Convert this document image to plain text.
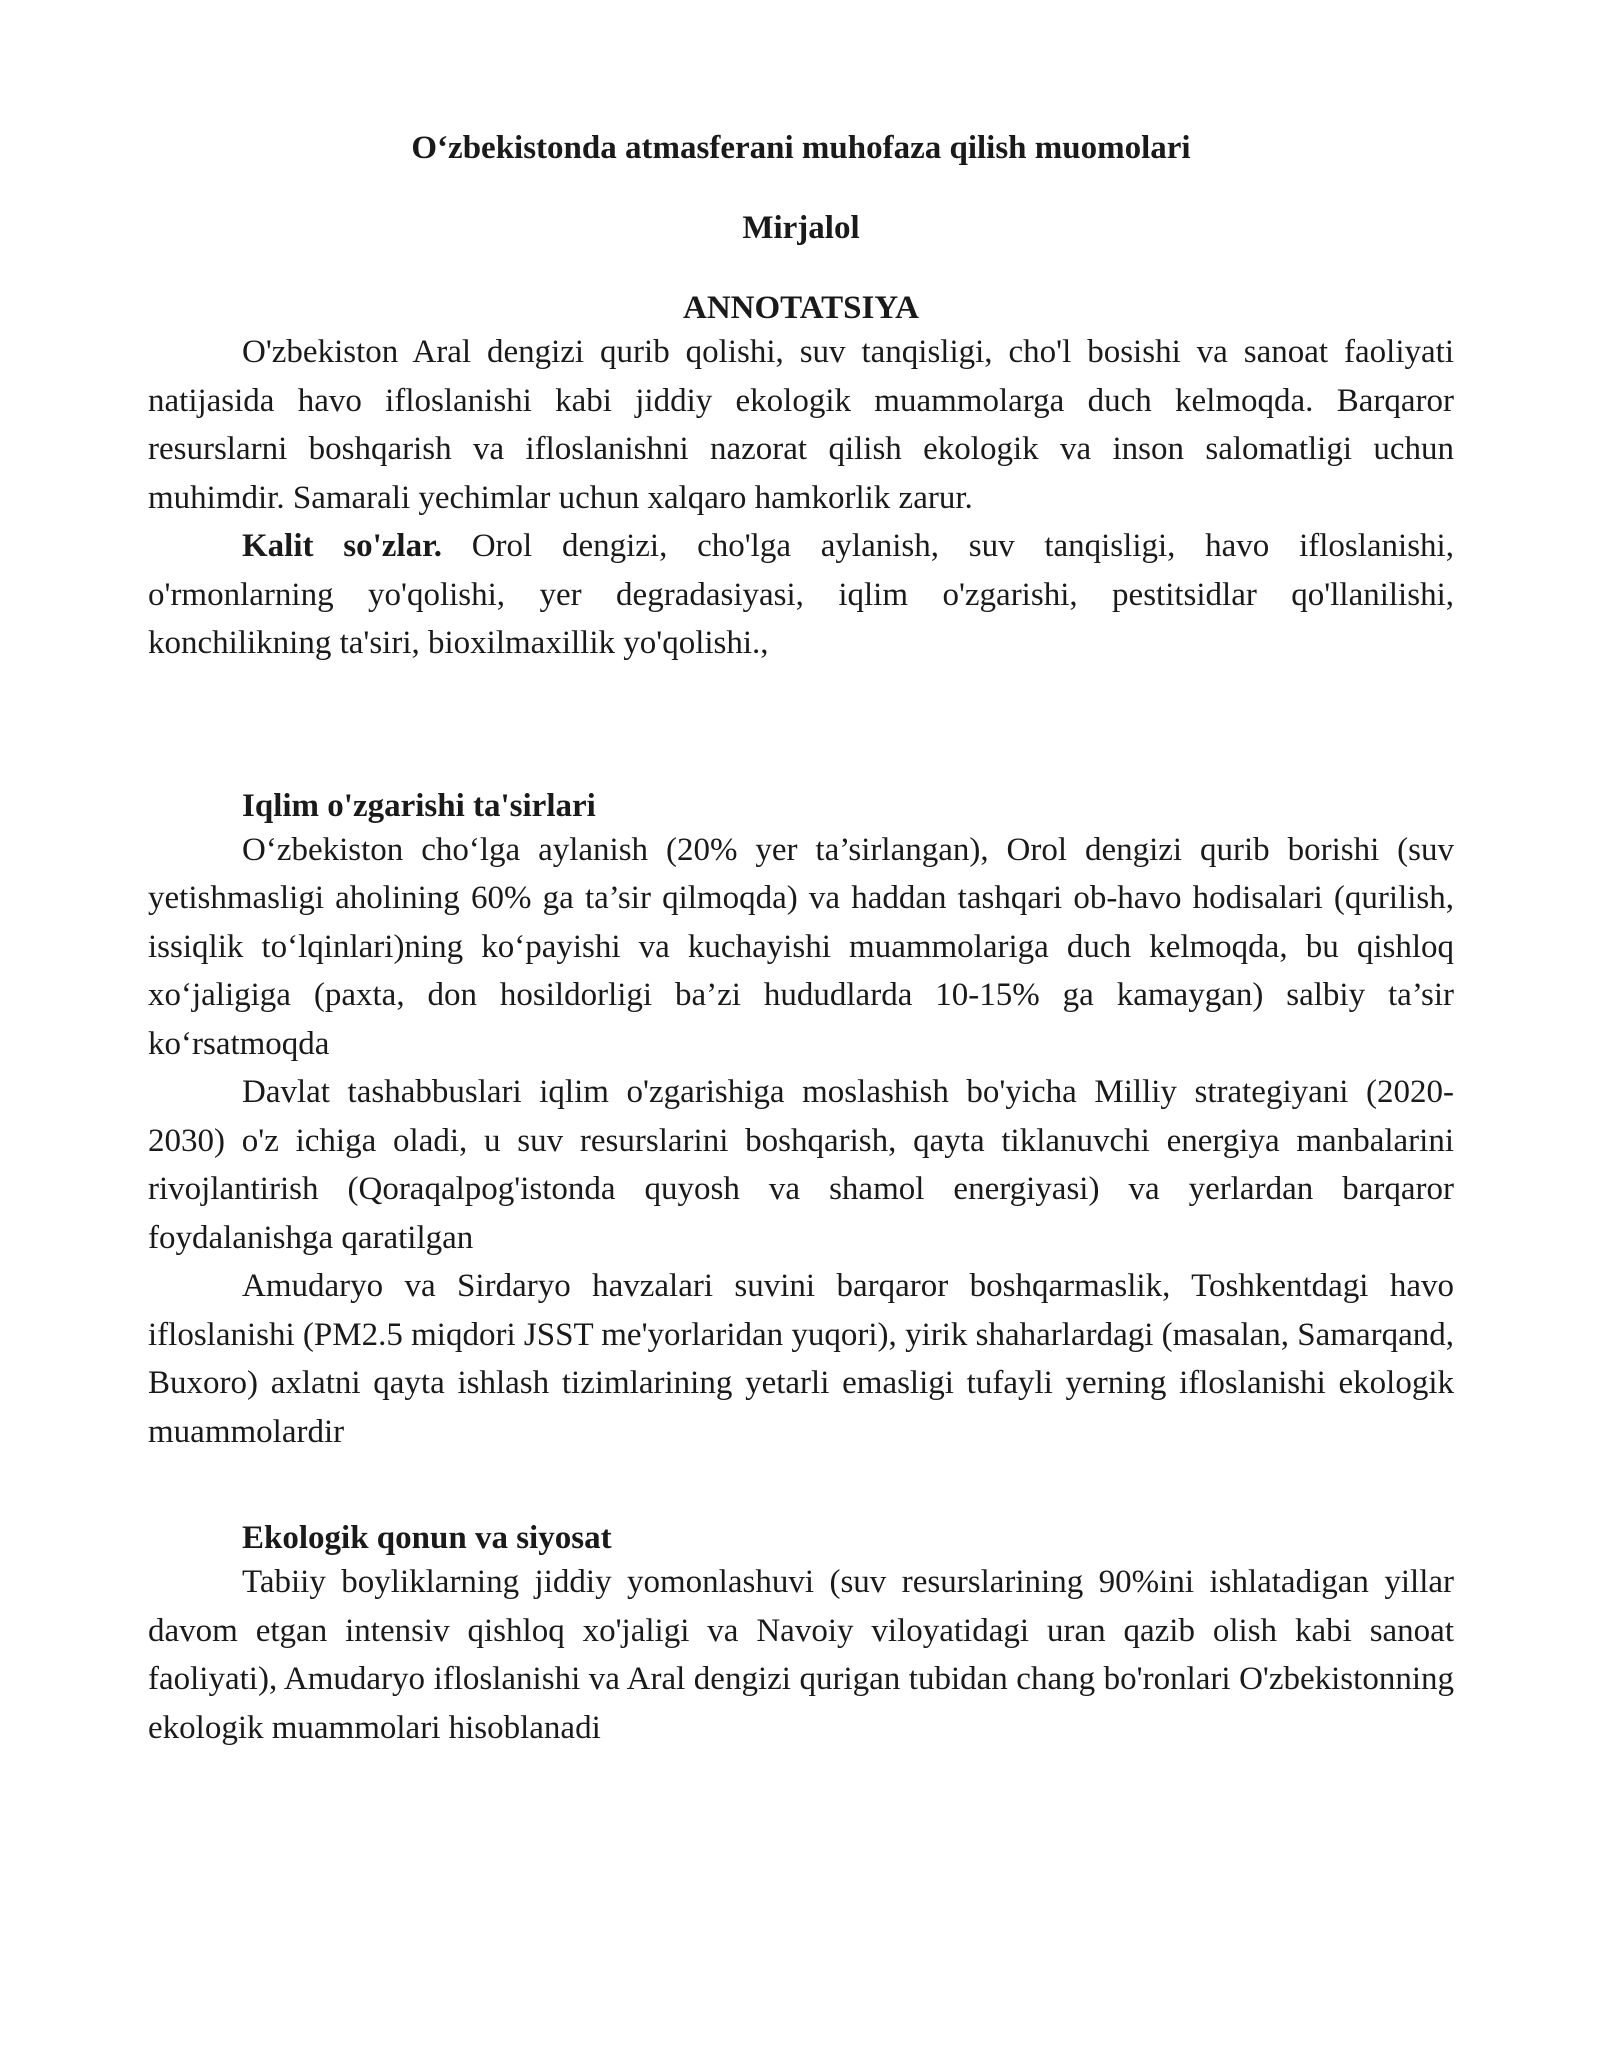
O‘zbekistonda atmasferani muhofaza qilish muomolari
Mirjalol
ANNOTATSIYA

O'zbekiston Aral dengizi qurib qolishi, suv tanqisligi, cho'l bosishi va sanoat faoliyati natijasida havo ifloslanishi kabi jiddiy ekologik muammolarga duch kelmoqda. Barqaror resurslarni boshqarish va ifloslanishni nazorat qilish ekologik va inson salomatligi uchun muhimdir. Samarali yechimlar uchun xalqaro hamkorlik zarur.

Kalit so'zlar. Orol dengizi, cho'lga aylanish, suv tanqisligi, havo ifloslanishi, o'rmonlarning yo'qolishi, yer degradasiyasi, iqlim o'zgarishi, pestitsidlar qo'llanilishi, konchilikning ta'siri, bioxilmaxillik yo'qolishi.,

Iqlim o'zgarishi ta'sirlari

O‘zbekiston cho‘lga aylanish (20% yer ta’sirlangan), Orol dengizi qurib borishi (suv yetishmasligi aholining 60% ga ta’sir qilmoqda) va haddan tashqari ob-havo hodisalari (qurilish, issiqlik to‘lqinlari)ning ko‘payishi va kuchayishi muammolariga duch kelmoqda, bu qishloq xo‘jaligiga (paxta, don hosildorligi ba’zi hududlarda 10-15% ga kamaygan) salbiy ta’sir ko‘rsatmoqda

Davlat tashabbuslari iqlim o'zgarishiga moslashish bo'yicha Milliy strategiyani (2020-2030) o'z ichiga oladi, u suv resurslarini boshqarish, qayta tiklanuvchi energiya manbalarini rivojlantirish (Qoraqalpog'istonda quyosh va shamol energiyasi) va yerlardan barqaror foydalanishga qaratilgan

Amudaryo va Sirdaryo havzalari suvini barqaror boshqarmaslik, Toshkentdagi havo ifloslanishi (PM2.5 miqdori JSST me'yorlaridan yuqori), yirik shaharlardagi (masalan, Samarqand, Buxoro) axlatni qayta ishlash tizimlarining yetarli emasligi tufayli yerning ifloslanishi ekologik muammolardir

Ekologik qonun va siyosat

Tabiiy boyliklarning jiddiy yomonlashuvi (suv resurslarining 90%ini ishlatadigan yillar davom etgan intensiv qishloq xo'jaligi va Navoiy viloyatidagi uran qazib olish kabi sanoat faoliyati), Amudaryo ifloslanishi va Aral dengizi qurigan tubidan chang bo'ronlari O'zbekistonning ekologik muammolari hisoblanadi
